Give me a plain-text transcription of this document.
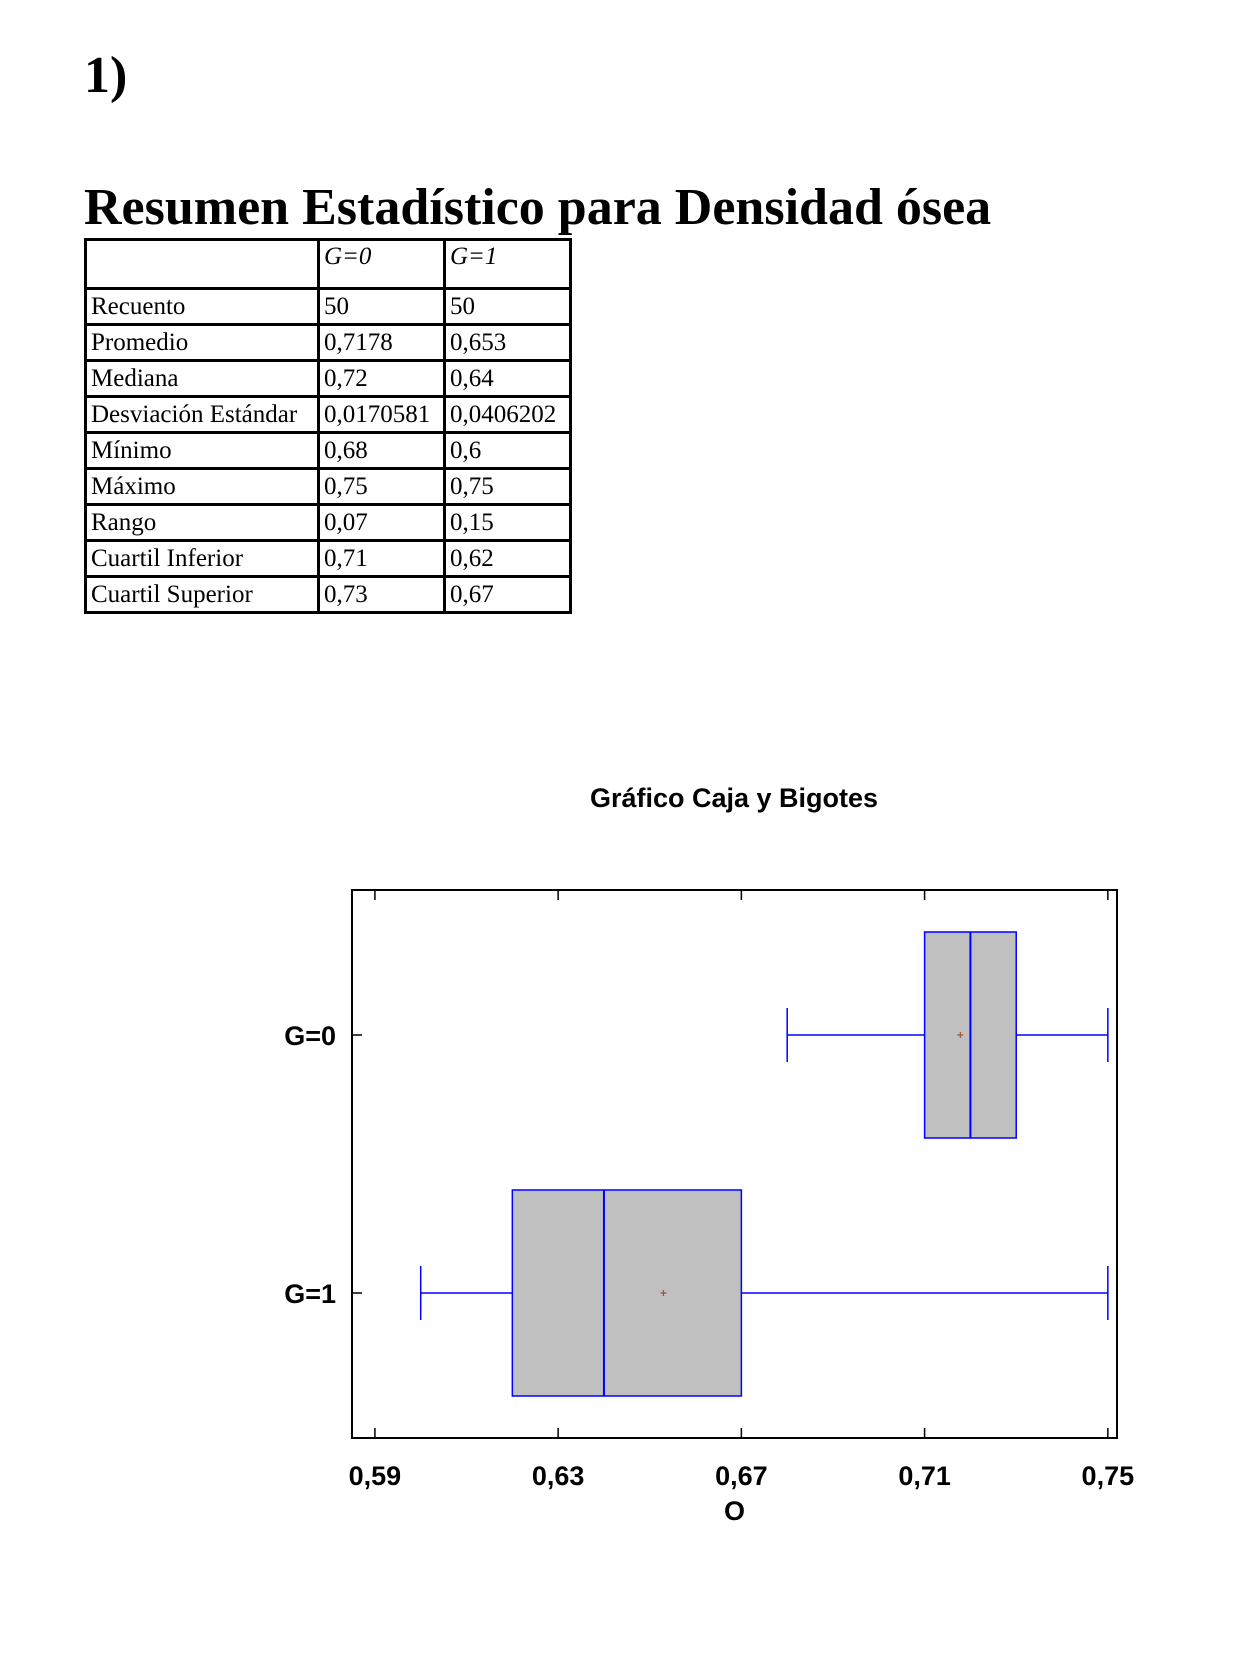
1)
Resumen Estadístico para Densidad ósea
	G=0	G=1
Recuento	50	50
Promedio	0,7178	0,653
Mediana	0,72	0,64
Desviación Estándar	0,0170581	0,0406202
Mínimo	0,68	0,6
Máximo	0,75	0,75
Rango	0,07	0,15
Cuartil Inferior	0,71	0,62
Cuartil Superior	0,73	0,67
Gráfico Caja y Bigotes
0,59	0,63	0,67	0,71	0,75
O
G=0
G=1
